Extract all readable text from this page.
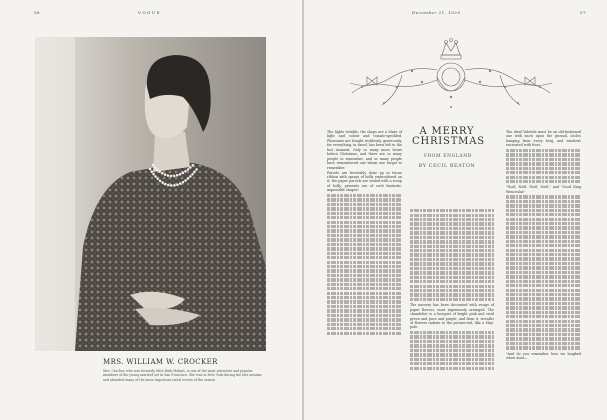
56	VOGUE
Steichen
MRS. WILLIAM W. CROCKER
Mrs. Crocker, who was formerly Miss Ruth Hobart, is one of the most attractive and popular members of the young married set in San Francisco. She was in New York during the late autumn and attended many of the more important social events of the season
December 21, 1929	57
A MERRY
CHRISTMAS
FROM ENGLAND
BY CECIL BEATON

The lights twinkle, the shops are a blaze of light and colour and tomato-speckled. Pheasants are bought recklessly, generously, for everything, in tinsel, has been left to the last moment. Only so many more hours before Christmas, and there are so many people to remember, and so many people have remembered one whom one forgot to remember.

Parcels are feverishly done up in tissue ribbon with sprays of holly embroidered on it; the paper parcels are sealed with a scrap of holly; presents are of such fantastic, impossible shapes!

The nursery has been decorated with swags of paper flowers, most ingeniously arranged. The chandelier is a bouquet of bright pink and vivid green and puce and purple, and from it, wreaths of flowers radiate to the picture-rail, like a May-pole.

The ideal Yuletide must be an old-fashioned one with snow upon the ground, icicles hanging from every twig, and windows encrusted with frost.

"Noël, Noël, Noël, Noël," and "Good King Wenceslas"

"And do you remember how we laughed when Aunt—
